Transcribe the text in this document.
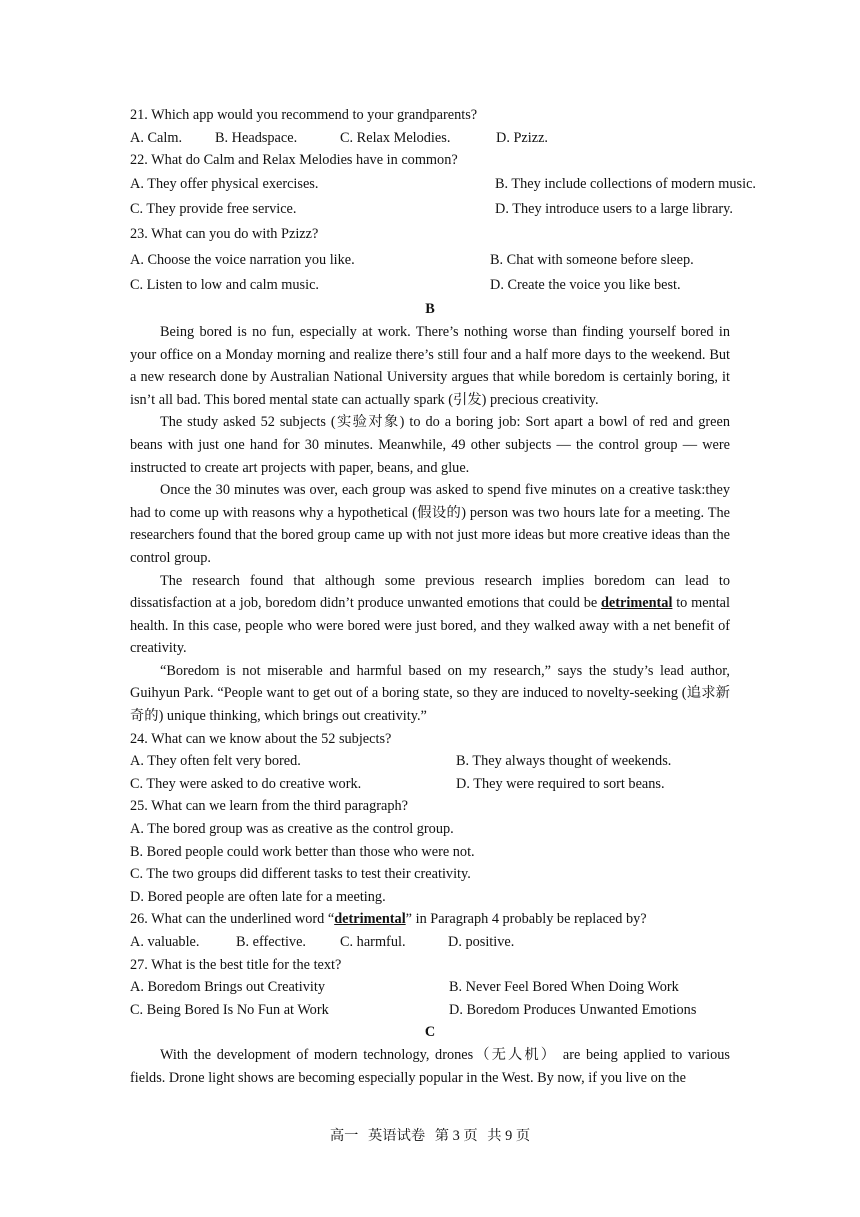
21. Which app would you recommend to your grandparents?
A. Calm. B. Headspace.	C. Relax Melodies.	D. Pzizz.
22. What do Calm and Relax Melodies have in common?
A. They offer physical exercises.	B. They include collections of modern music.
C. They provide free service.	D. They introduce users to a large library.
23. What can you do with Pzizz?
A. Choose the voice narration you like.	B. Chat with someone before sleep.
C. Listen to low and calm music.	D. Create the voice you like best.
B

Being bored is no fun, especially at work. There’s nothing worse than finding yourself bored in your office on a Monday morning and realize there’s still four and a half more days to the weekend. But a new research done by Australian National University argues that while boredom is certainly boring, it isn’t all bad. This bored mental state can actually spark (引发) precious creativity.

The study asked 52 subjects (实验对象) to do a boring job: Sort apart a bowl of red and green beans with just one hand for 30 minutes. Meanwhile, 49 other subjects — the control group — were instructed to create art projects with paper, beans, and glue.

Once the 30 minutes was over, each group was asked to spend five minutes on a creative task:they had to come up with reasons why a hypothetical (假设的) person was two hours late for a meeting. The researchers found that the bored group came up with not just more ideas but more creative ideas than the control group.

The research found that although some previous research implies boredom can lead to dissatisfaction at a job, boredom didn’t produce unwanted emotions that could be detrimental to mental health. In this case, people who were bored were just bored, and they walked away with a net benefit of creativity.

“Boredom is not miserable and harmful based on my research,” says the study’s lead author, Guihyun Park. “People want to get out of a boring state, so they are induced to novelty-seeking (追求新奇的) unique thinking, which brings out creativity.”

24. What can we know about the 52 subjects?
A. They often felt very bored.	B. They always thought of weekends.
C. They were asked to do creative work.	D. They were required to sort beans.
25. What can we learn from the third paragraph?
A. The bored group was as creative as the control group.
B. Bored people could work better than those who were not.
C. The two groups did different tasks to test their creativity.
D. Bored people are often late for a meeting.
26. What can the underlined word “detrimental” in Paragraph 4 probably be replaced by?
A. valuable.	B. effective. C. harmful.	D. positive.
27. What is the best title for the text?
A. Boredom Brings out Creativity	B. Never Feel Bored When Doing Work
C. Being Bored Is No Fun at Work	D. Boredom Produces Unwanted Emotions
C

With the development of modern technology, drones（无人机） are being applied to various fields. Drone light shows are becoming especially popular in the West. By now, if you live on the

高一 英语试卷 第 3 页 共 9 页
